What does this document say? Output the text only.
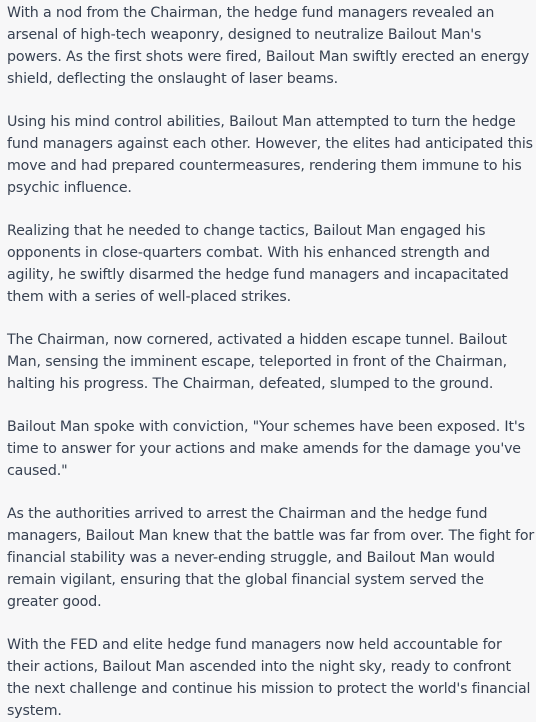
With a nod from the Chairman, the hedge fund managers revealed an arsenal of high-tech weaponry, designed to neutralize Bailout Man's powers. As the first shots were fired, Bailout Man swiftly erected an energy shield, deflecting the onslaught of laser beams.

Using his mind control abilities, Bailout Man attempted to turn the hedge fund managers against each other. However, the elites had anticipated this move and had prepared countermeasures, rendering them immune to his psychic influence.

Realizing that he needed to change tactics, Bailout Man engaged his opponents in close-quarters combat. With his enhanced strength and agility, he swiftly disarmed the hedge fund managers and incapacitated them with a series of well-placed strikes.

The Chairman, now cornered, activated a hidden escape tunnel. Bailout Man, sensing the imminent escape, teleported in front of the Chairman, halting his progress. The Chairman, defeated, slumped to the ground.

Bailout Man spoke with conviction, "Your schemes have been exposed. It's time to answer for your actions and make amends for the damage you've caused."

As the authorities arrived to arrest the Chairman and the hedge fund managers, Bailout Man knew that the battle was far from over. The fight for financial stability was a never-ending struggle, and Bailout Man would remain vigilant, ensuring that the global financial system served the greater good.

With the FED and elite hedge fund managers now held accountable for their actions, Bailout Man ascended into the night sky, ready to confront the next challenge and continue his mission to protect the world's financial system.
